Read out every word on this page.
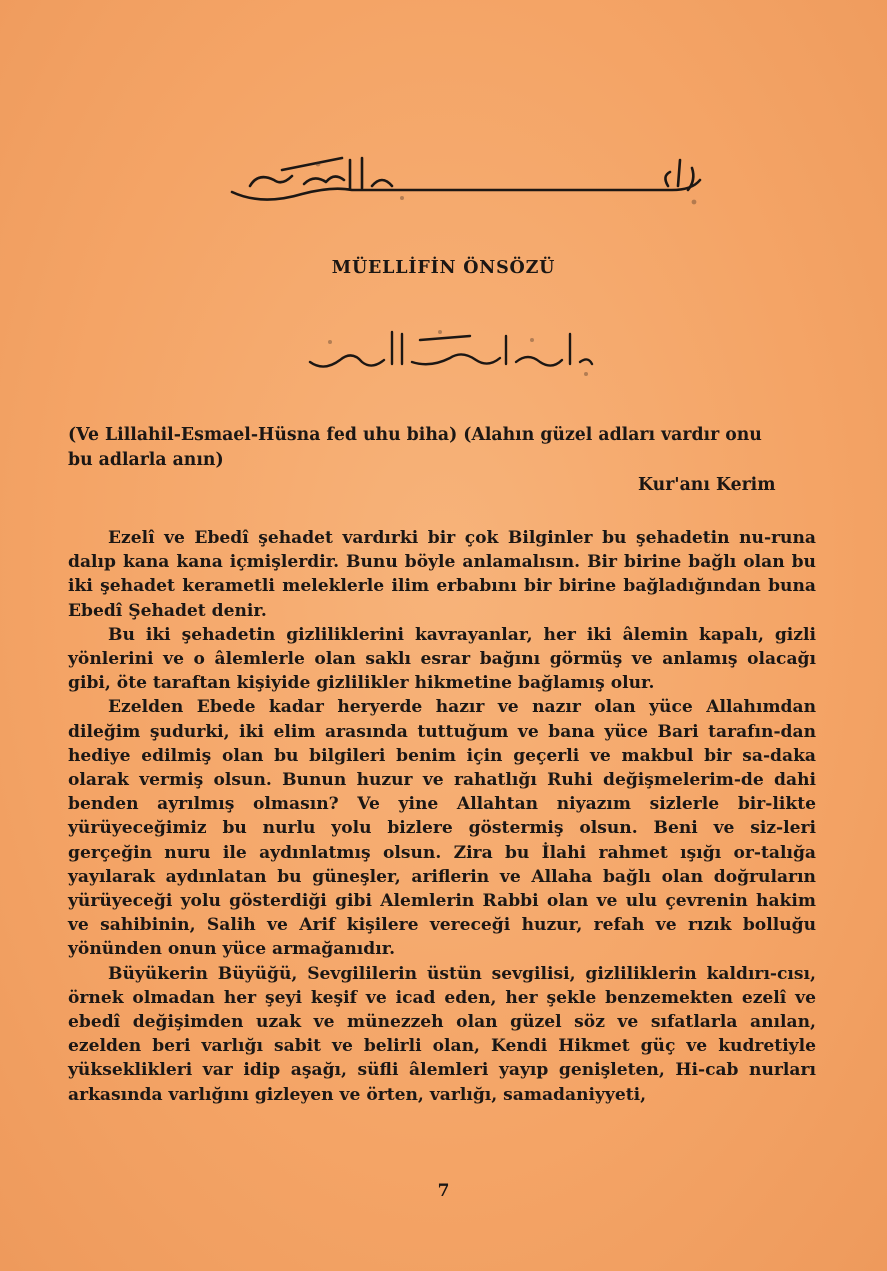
MÜELLİFİN ÖNSÖZÜ
(Ve Lillahil-Esmael-Hüsna fed uhu biha) (Alahın güzel adları vardır onu
bu adlarla anın)
Kur'anı Kerim

Ezelî ve Ebedî şehadet vardırki bir çok Bilginler bu şehadetin nu-runa dalıp kana kana içmişlerdir. Bunu böyle anlamalısın. Bir birine bağlı olan bu iki şehadet kerametli meleklerle ilim erbabını bir birine bağladığından buna Ebedî Şehadet denir.

Bu iki şehadetin gizliliklerini kavrayanlar, her iki âlemin kapalı, gizli yönlerini ve o âlemlerle olan saklı esrar bağını görmüş ve anlamış olacağı gibi, öte taraftan kişiyide gizlilikler hikmetine bağlamış olur.

Ezelden Ebede kadar heryerde hazır ve nazır olan yüce Allahımdan dileğim şudurki, iki elim arasında tuttuğum ve bana yüce Bari tarafın-dan hediye edilmiş olan bu bilgileri benim için geçerli ve makbul bir sa-daka olarak vermiş olsun. Bunun huzur ve rahatlığı Ruhi değişmelerim-de dahi benden ayrılmış olmasın? Ve yine Allahtan niyazım sizlerle bir-likte yürüyeceğimiz bu nurlu yolu bizlere göstermiş olsun. Beni ve siz-leri gerçeğin nuru ile aydınlatmış olsun. Zira bu İlahi rahmet ışığı or-talığa yayılarak aydınlatan bu güneşler, ariflerin ve Allaha bağlı olan doğruların yürüyeceği yolu gösterdiği gibi Alemlerin Rabbi olan ve ulu çevrenin hakim ve sahibinin, Salih ve Arif kişilere vereceği huzur, refah ve rızık bolluğu yönünden onun yüce armağanıdır.

Büyükerin Büyüğü, Sevgililerin üstün sevgilisi, gizliliklerin kaldırı-cısı, örnek olmadan her şeyi keşif ve icad eden, her şekle benzemekten ezelî ve ebedî değişimden uzak ve münezzeh olan güzel söz ve sıfatlarla anılan, ezelden beri varlığı sabit ve belirli olan, Kendi Hikmet güç ve kudretiyle yükseklikleri var idip aşağı, süfli âlemleri yayıp genişleten, Hi-cab nurları arkasında varlığını gizleyen ve örten, varlığı, samadaniyyeti,

7
